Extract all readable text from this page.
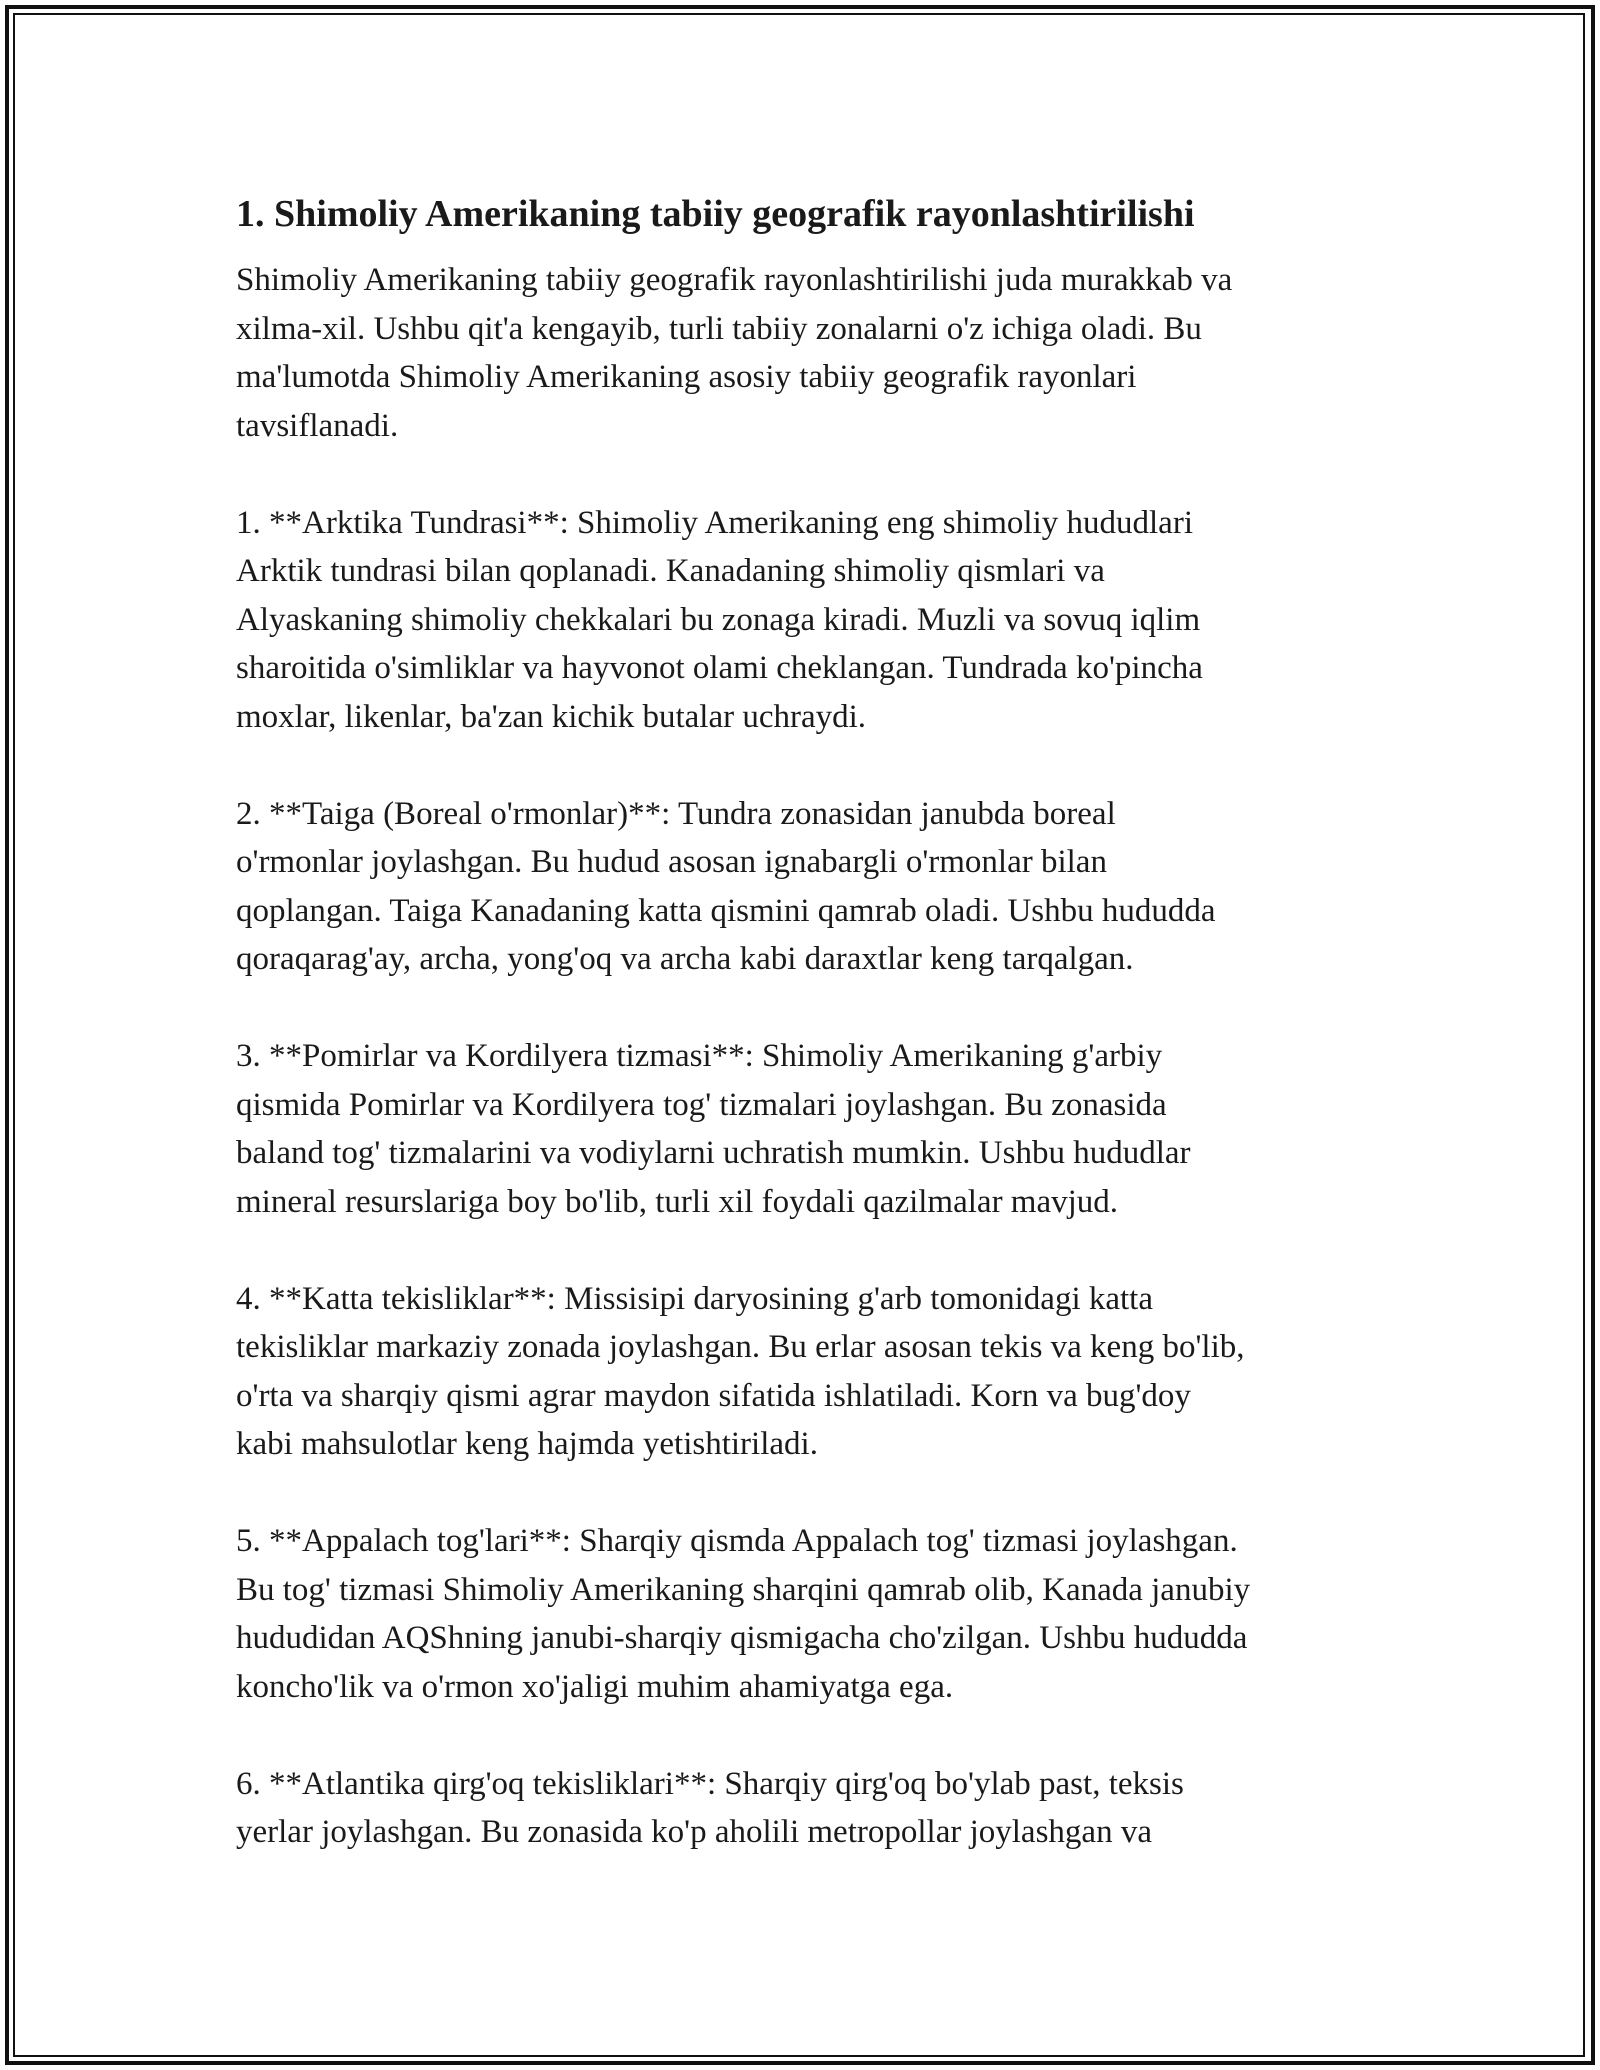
1. Shimoliy Amerikaning tabiiy geografik rayonlashtirilishi

Shimoliy Amerikaning tabiiy geografik rayonlashtirilishi juda murakkab va
xilma-xil. Ushbu qit'a kengayib, turli tabiiy zonalarni o'z ichiga oladi. Bu
ma'lumotda Shimoliy Amerikaning asosiy tabiiy geografik rayonlari
tavsiflanadi.

1. **Arktika Tundrasi**: Shimoliy Amerikaning eng shimoliy hududlari
Arktik tundrasi bilan qoplanadi. Kanadaning shimoliy qismlari va
Alyaskaning shimoliy chekkalari bu zonaga kiradi. Muzli va sovuq iqlim
sharoitida o'simliklar va hayvonot olami cheklangan. Tundrada ko'pincha
moxlar, likenlar, ba'zan kichik butalar uchraydi.

2. **Taiga (Boreal o'rmonlar)**: Tundra zonasidan janubda boreal
o'rmonlar joylashgan. Bu hudud asosan ignabargli o'rmonlar bilan
qoplangan. Taiga Kanadaning katta qismini qamrab oladi. Ushbu hududda
qoraqarag'ay, archa, yong'oq va archa kabi daraxtlar keng tarqalgan.

3. **Pomirlar va Kordilyera tizmasi**: Shimoliy Amerikaning g'arbiy
qismida Pomirlar va Kordilyera tog' tizmalari joylashgan. Bu zonasida
baland tog' tizmalarini va vodiylarni uchratish mumkin. Ushbu hududlar
mineral resurslariga boy bo'lib, turli xil foydali qazilmalar mavjud.

4. **Katta tekisliklar**: Missisipi daryosining g'arb tomonidagi katta
tekisliklar markaziy zonada joylashgan. Bu erlar asosan tekis va keng bo'lib,
o'rta va sharqiy qismi agrar maydon sifatida ishlatiladi. Korn va bug'doy
kabi mahsulotlar keng hajmda yetishtiriladi.

5. **Appalach tog'lari**: Sharqiy qismda Appalach tog' tizmasi joylashgan.
Bu tog' tizmasi Shimoliy Amerikaning sharqini qamrab olib, Kanada janubiy
hududidan AQShning janubi-sharqiy qismigacha cho'zilgan. Ushbu hududda
koncho'lik va o'rmon xo'jaligi muhim ahamiyatga ega.

6. **Atlantika qirg'oq tekisliklari**: Sharqiy qirg'oq bo'ylab past, teksis
yerlar joylashgan. Bu zonasida ko'p aholili metropollar joylashgan va
